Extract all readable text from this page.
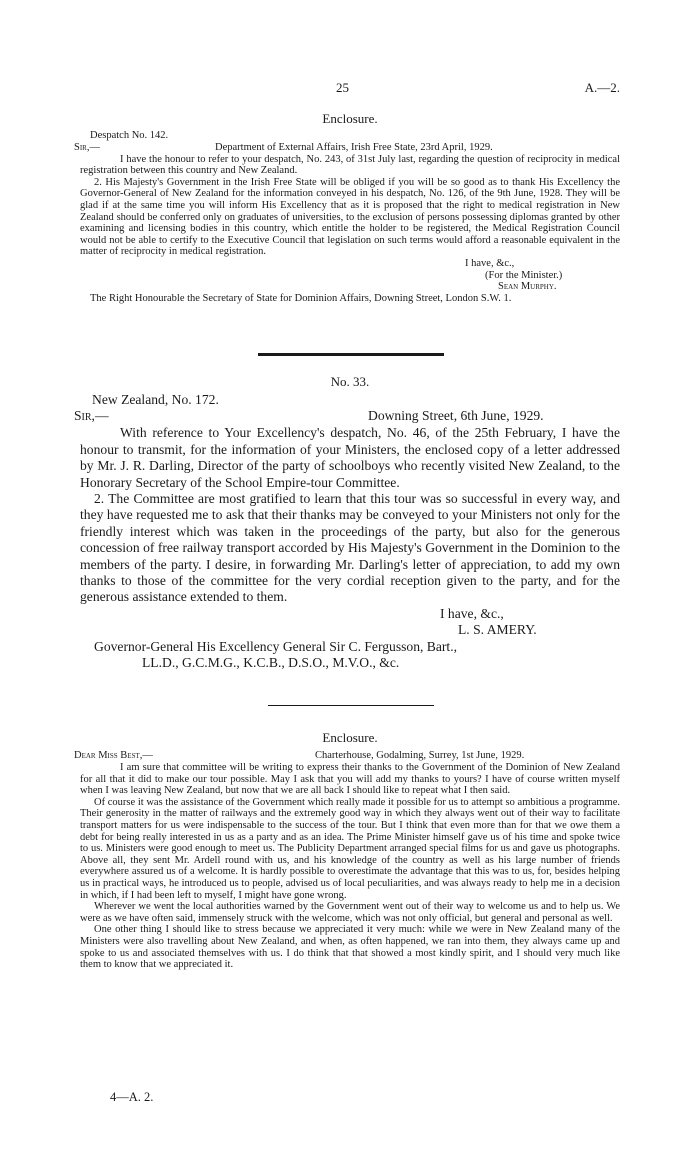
25	A.—2.
Enclosure.
Despatch No. 142.
Sir,—	Department of External Affairs, Irish Free State, 23rd April, 1929.

I have the honour to refer to your despatch, No. 243, of 31st July last, regarding the question of reciprocity in medical registration between this country and New Zealand.

2. His Majesty's Government in the Irish Free State will be obliged if you will be so good as to thank His Excellency the Governor-General of New Zealand for the information conveyed in his despatch, No. 126, of the 9th June, 1928. They will be glad if at the same time you will inform His Excellency that as it is proposed that the right to medical registration in New Zealand should be conferred only on graduates of universities, to the exclusion of persons possessing diplomas granted by other examining and licensing bodies in this country, which entitle the holder to be registered, the Medical Registration Council would not be able to certify to the Executive Council that legislation on such terms would afford a reasonable equivalent in the matter of reciprocity in medical registration.

I have, &c.,
(For the Minister.)
Sean Murphy.
The Right Honourable the Secretary of State for Dominion Affairs, Downing Street, London S.W. 1.
No. 33.
New Zealand, No. 172.
Sir,—	Downing Street, 6th June, 1929.

With reference to Your Excellency's despatch, No. 46, of the 25th February, I have the honour to transmit, for the information of your Ministers, the enclosed copy of a letter addressed by Mr. J. R. Darling, Director of the party of schoolboys who recently visited New Zealand, to the Honorary Secretary of the School Empire-tour Committee.

2. The Committee are most gratified to learn that this tour was so successful in every way, and they have requested me to ask that their thanks may be conveyed to your Ministers not only for the friendly interest which was taken in the proceedings of the party, but also for the generous concession of free railway transport accorded by His Majesty's Government in the Dominion to the members of the party. I desire, in forwarding Mr. Darling's letter of appreciation, to add my own thanks to those of the committee for the very cordial reception given to the party, and for the generous assistance extended to them.

I have, &c.,
L. S. AMERY.
Governor-General His Excellency General Sir C. Fergusson, Bart.,
LL.D., G.C.M.G., K.C.B., D.S.O., M.V.O., &c.
Enclosure.
Dear Miss Best,—	Charterhouse, Godalming, Surrey, 1st June, 1929.

I am sure that committee will be writing to express their thanks to the Government of the Dominion of New Zealand for all that it did to make our tour possible. May I ask that you will add my thanks to yours? I have of course written myself when I was leaving New Zealand, but now that we are all back I should like to repeat what I then said.

Of course it was the assistance of the Government which really made it possible for us to attempt so ambitious a programme. Their generosity in the matter of railways and the extremely good way in which they always went out of their way to facilitate transport matters for us were indispensable to the success of the tour. But I think that even more than for that we owe them a debt for being really interested in us as a party and as an idea. The Prime Minister himself gave us of his time and spoke twice to us. Ministers were good enough to meet us. The Publicity Department arranged special films for us and gave us photographs. Above all, they sent Mr. Ardell round with us, and his knowledge of the country as well as his large number of friends everywhere assured us of a welcome. It is hardly possible to overestimate the advantage that this was to us, for, besides helping us in practical ways, he introduced us to people, advised us of local peculiarities, and was always ready to help me in a decision in which, if I had been left to myself, I might have gone wrong.

Wherever we went the local authorities warned by the Government went out of their way to welcome us and to help us. We were as we have often said, immensely struck with the welcome, which was not only official, but general and personal as well.

One other thing I should like to stress because we appreciated it very much: while we were in New Zealand many of the Ministers were also travelling about New Zealand, and when, as often happened, we ran into them, they always came up and spoke to us and associated themselves with us. I do think that that showed a most kindly spirit, and I should very much like them to know that we appreciated it.

4—A. 2.
